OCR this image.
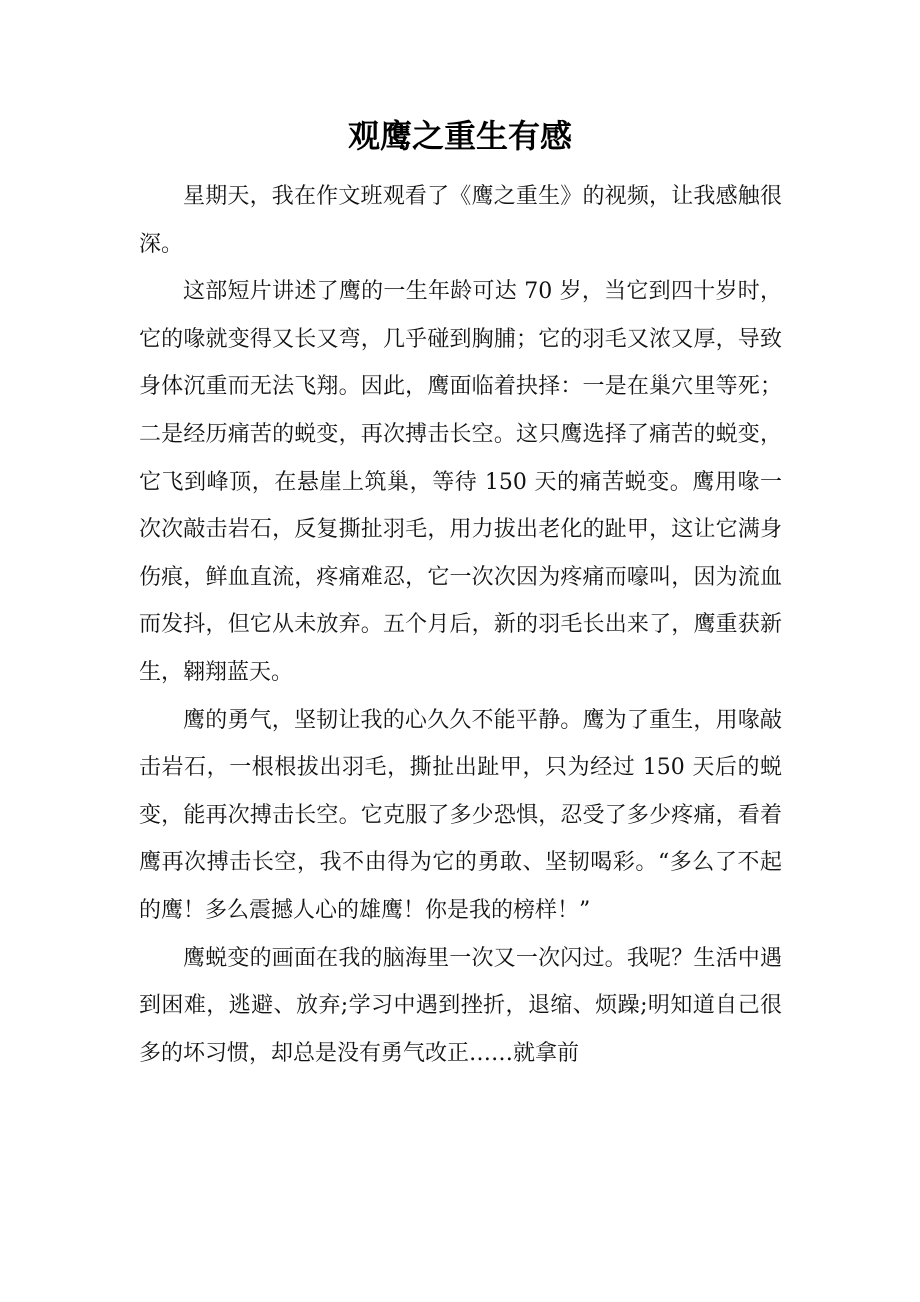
观鹰之重生有感

星期天，我在作文班观看了《鹰之重生》的视频，让我感触很深。

这部短片讲述了鹰的一生年龄可达 70 岁，当它到四十岁时，它的喙就变得又长又弯，几乎碰到胸脯；它的羽毛又浓又厚，导致身体沉重而无法飞翔。因此，鹰面临着抉择：一是在巢穴里等死；二是经历痛苦的蜕变，再次搏击长空。这只鹰选择了痛苦的蜕变，它飞到峰顶，在悬崖上筑巢，等待 150 天的痛苦蜕变。鹰用喙一次次敲击岩石，反复撕扯羽毛，用力拔出老化的趾甲，这让它满身伤痕，鲜血直流，疼痛难忍，它一次次因为疼痛而嚎叫，因为流血而发抖，但它从未放弃。五个月后，新的羽毛长出来了，鹰重获新生，翱翔蓝天。

鹰的勇气，坚韧让我的心久久不能平静。鹰为了重生，用喙敲击岩石，一根根拔出羽毛，撕扯出趾甲，只为经过 150 天后的蜕变，能再次搏击长空。它克服了多少恐惧，忍受了多少疼痛，看着鹰再次搏击长空，我不由得为它的勇敢、坚韧喝彩。“多么了不起的鹰！多么震撼人心的雄鹰！你是我的榜样！”

鹰蜕变的画面在我的脑海里一次又一次闪过。我呢？生活中遇到困难，逃避、放弃;学习中遇到挫折，退缩、烦躁;明知道自己很多的坏习惯，却总是没有勇气改正……就拿前
